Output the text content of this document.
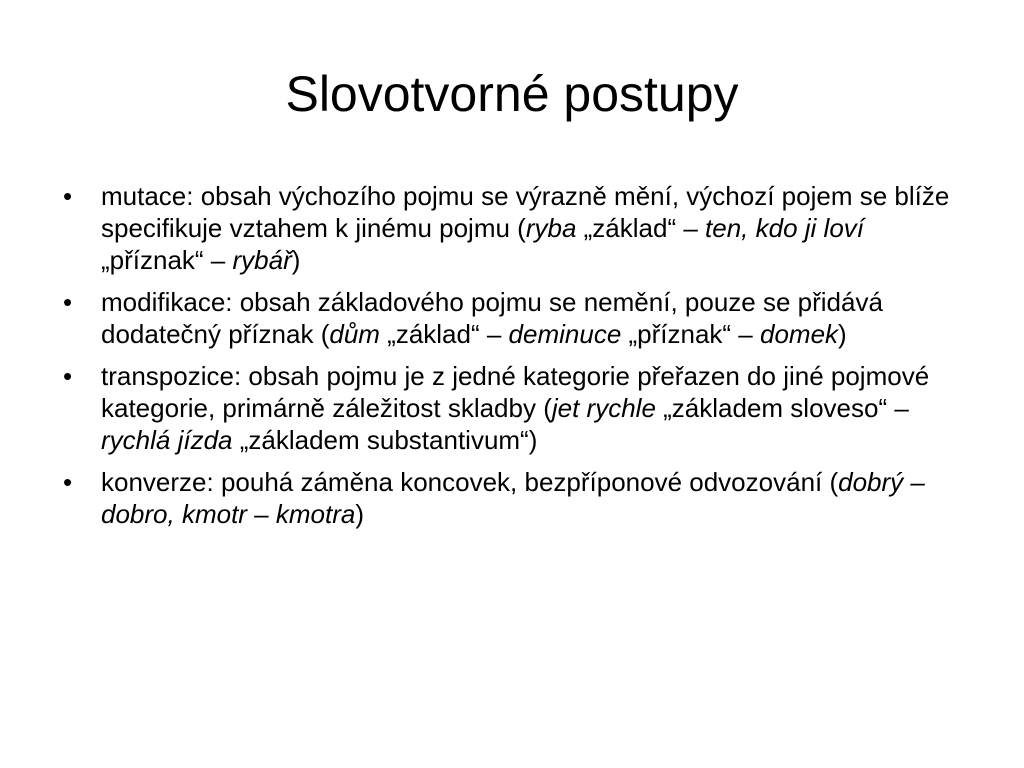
Slovotvorné postupy
•	mutace: obsah výchozího pojmu se výrazně mění, výchozí pojem se blíže specifikuje vztahem k jinému pojmu (ryba „základ“ – ten, kdo ji loví „příznak“ – rybář)
•	modifikace: obsah základového pojmu se nemění, pouze se přidává dodatečný příznak (dům „základ“ – deminuce „příznak“ – domek)
•	transpozice: obsah pojmu je z jedné kategorie přeřazen do jiné pojmové kategorie, primárně záležitost skladby (jet rychle „základem sloveso“ – rychlá jízda „základem substantivum“)
•	konverze: pouhá záměna koncovek, bezpříponové odvozování (dobrý – dobro, kmotr – kmotra)
